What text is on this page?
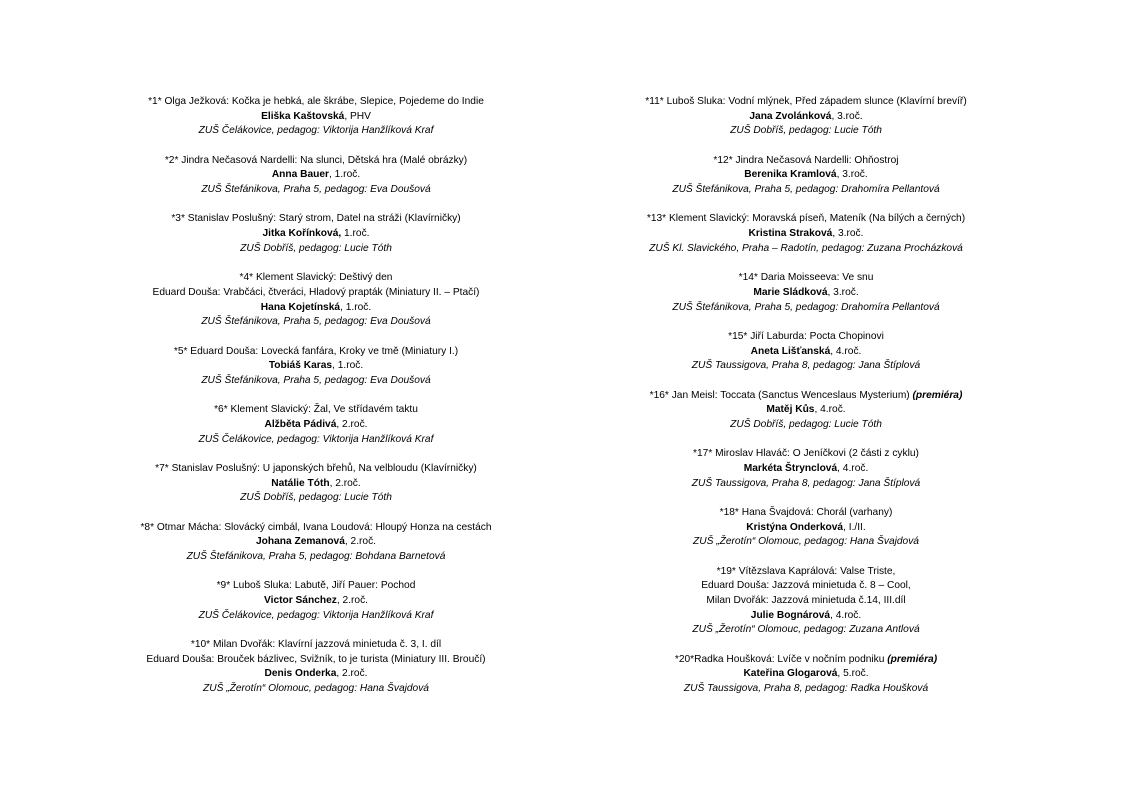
*1* Olga Ježková: Kočka je hebká, ale škrábe, Slepice, Pojedeme do Indie
Eliška Kaštovská, PHV
ZUŠ Čelákovice, pedagog: Viktorija Hanžlíková Kraf
*2* Jindra Nečasová Nardelli: Na slunci, Dětská hra (Malé obrázky)
Anna Bauer, 1.roč.
ZUŠ Štefánikova, Praha 5, pedagog: Eva Doušová
*3* Stanislav Poslušný: Starý strom, Datel na stráži (Klavírničky)
Jitka Kořínková, 1.roč.
ZUŠ Dobříš, pedagog: Lucie Tóth
*4* Klement Slavický: Deštivý den
Eduard Douša: Vrabčáci, čtveráci, Hladový prapták (Miniatury II. – Ptačí)
Hana Kojetínská, 1.roč.
ZUŠ Štefánikova, Praha 5, pedagog: Eva Doušová
*5* Eduard Douša: Lovecká fanfára, Kroky ve tmě (Miniatury I.)
Tobiáš Karas, 1.roč.
ZUŠ Štefánikova, Praha 5, pedagog: Eva Doušová
*6* Klement Slavický: Žal, Ve střídavém taktu
Alžběta Pádivá, 2.roč.
ZUŠ Čelákovice, pedagog: Viktorija Hanžlíková Kraf
*7* Stanislav Poslušný: U japonských břehů, Na velbloudu (Klavírničky)
Natálie Tóth, 2.roč.
ZUŠ Dobříš, pedagog: Lucie Tóth
*8* Otmar Mácha: Slovácký cimbál, Ivana Loudová: Hloupý Honza na cestách
Johana Zemanová, 2.roč.
ZUŠ Štefánikova, Praha 5, pedagog: Bohdana Barnetová
*9* Luboš Sluka: Labutě, Jiří Pauer: Pochod
Victor Sánchez, 2.roč.
ZUŠ Čelákovice, pedagog: Viktorija Hanžlíková Kraf
*10* Milan Dvořák: Klavírní jazzová minietuda č. 3, I. díl
Eduard Douša: Brouček bázlivec, Svižník, to je turista (Miniatury III. Broučí)
Denis Onderka, 2.roč.
ZUŠ „Žerotín“ Olomouc, pedagog: Hana Švajdová
*11* Luboš Sluka: Vodní mlýnek, Před západem slunce (Klavírní brevíř)
Jana Zvolánková, 3.roč.
ZUŠ Dobříš, pedagog: Lucie Tóth
*12* Jindra Nečasová Nardelli: Ohňostroj
Berenika Kramlová, 3.roč.
ZUŠ Štefánikova, Praha 5, pedagog: Drahomíra Pellantová
*13* Klement Slavický: Moravská píseň, Mateník (Na bílých a černých)
Kristina Straková, 3.roč.
ZUŠ Kl. Slavického, Praha – Radotín, pedagog: Zuzana Procházková
*14* Daria Moisseeva: Ve snu
Marie Sládková, 3.roč.
ZUŠ Štefánikova, Praha 5, pedagog: Drahomíra Pellantová
*15* Jiří Laburda: Pocta Chopinovi
Aneta Lišťanská, 4.roč.
ZUŠ Taussigova, Praha 8, pedagog: Jana Štíplová
*16* Jan Meisl: Toccata (Sanctus Wenceslaus Mysterium) (premiéra)
Matěj Kůs, 4.roč.
ZUŠ Dobříš, pedagog: Lucie Tóth
*17* Miroslav Hlaváč: O Jeníčkovi (2 části z cyklu)
Markéta Štrynclová, 4.roč.
ZUŠ Taussigova, Praha 8, pedagog: Jana Štíplová
*18* Hana Švajdová: Chorál (varhany)
Kristýna Onderková, I./II.
ZUŠ „Žerotín“ Olomouc, pedagog: Hana Švajdová
*19* Vítězslava Kaprálová: Valse Triste,
Eduard Douša: Jazzová minietuda č. 8 – Cool,
Milan Dvořák: Jazzová minietuda č.14, III.díl
Julie Bognárová, 4.roč.
ZUŠ „Žerotín“ Olomouc, pedagog: Zuzana Antlová
*20*Radka Houšková: Lvíče v nočním podniku (premiéra)
Kateřina Glogarová, 5.roč.
ZUŠ Taussigova, Praha 8, pedagog: Radka Houšková
